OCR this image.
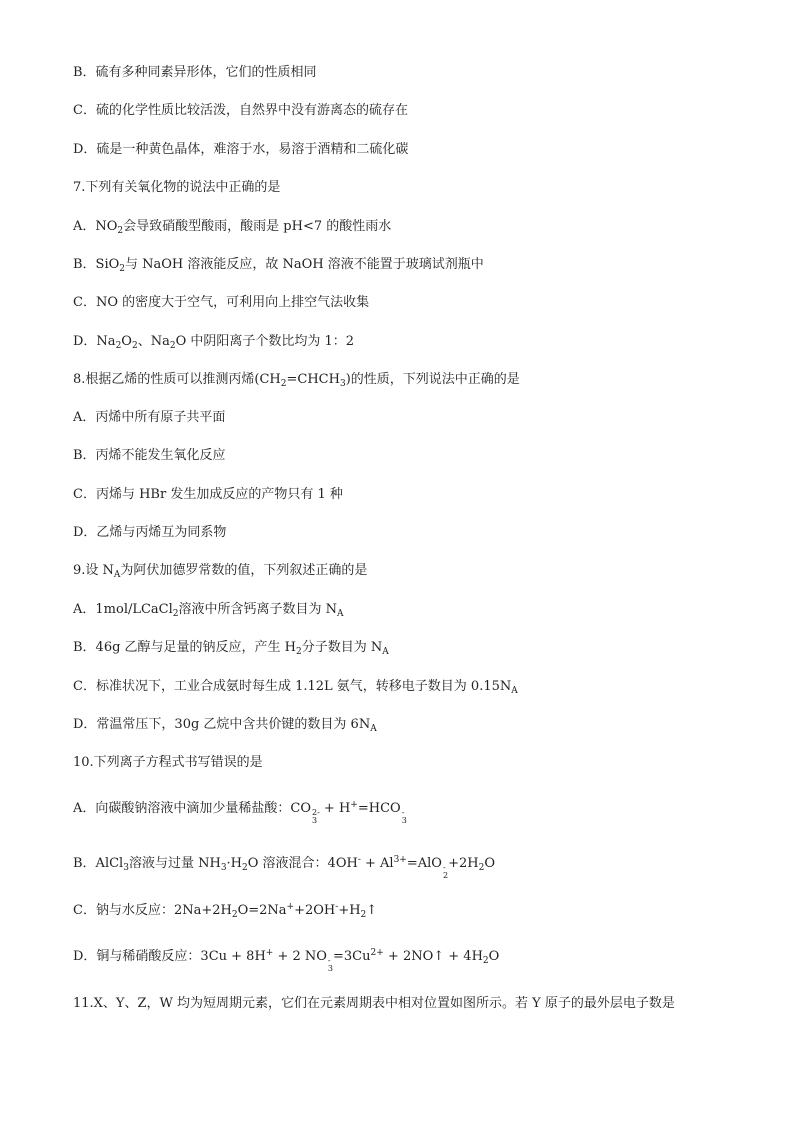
B．硫有多种同素异形体，它们的性质相同
C．硫的化学性质比较活泼，自然界中没有游离态的硫存在
D．硫是一种黄色晶体，难溶于水，易溶于酒精和二硫化碳
7.下列有关氧化物的说法中正确的是
A．$NO_2$会导致硝酸型酸雨，酸雨是 pH<7 的酸性雨水
B．SiO$_2$与 NaOH 溶液能反应，故 NaOH 溶液不能置于玻璃试剂瓶中
C．NO 的密度大于空气，可利用向上排空气法收集
D．$Na_2O_2$、$Na_2O$ 中阴阳离子个数比均为 1：2
8.根据乙烯的性质可以推测丙烯$(CH_2=CHCH_3)$的性质，下列说法中正确的是
A．丙烯中所有原子共平面
B．丙烯不能发生氧化反应
C．丙烯与 HBr 发生加成反应的产物只有 1 种
D．乙烯与丙烯互为同系物
9.设 $N_A$为阿伏加德罗常数的值，下列叙述正确的是
A．1mol/LCaCl$_2$溶液中所含钙离子数目为 $N_A$
B．46g 乙醇与足量的钠反应，产生 $H_2$分子数目为 $N_A$
C．标准状况下，工业合成氨时每生成 1.12L 氨气，转移电子数目为 $0.15N_A$
D．常温常压下，30g 乙烷中含共价键的数目为 $6N_A$
10.下列离子方程式书写错误的是
A．向碳酸钠溶液中滴加少量稀盐酸：CO 2-
3
+ H+=HCO -
3
B．AlCl$_3$溶液与过量 $NH_3\cdot H_2O$ 溶液混合：$4OH^- + Al^{3+}=AlO$ -
2
$+2H_2O$
C．钠与水反应：$2Na+2H_2O=2Na^++2OH^-+H_2↑$
D．铜与稀硝酸反应：3Cu + 8H+ + 2 NO -
3
$=3Cu^{2+}$ + 2NO↑ + $4H_2O$
11.X、Y、Z，W 均为短周期元素，它们在元素周期表中相对位置如图所示。若 Y 原子的最外层电子数是
